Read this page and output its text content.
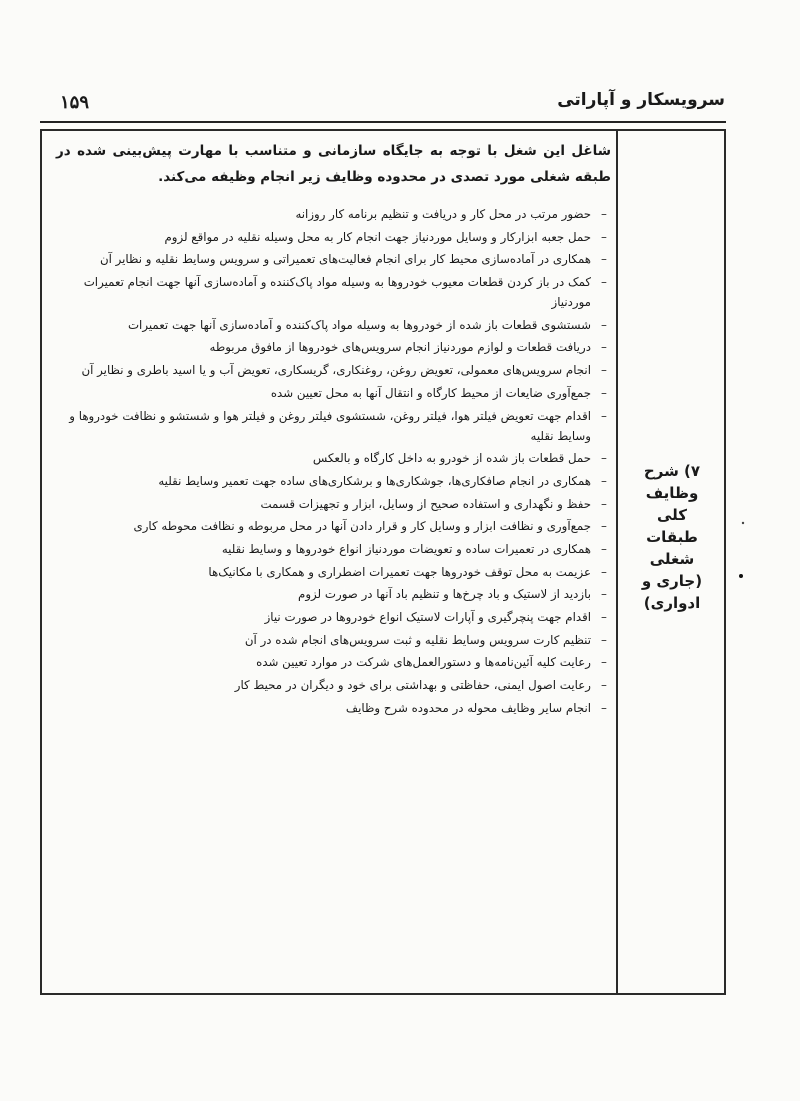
۱۵۹	سرویسکار و آپاراتی
۷) شرح
وظایف
کلی
طبقات
شغلی
(جاری و
ادواری)

شاغل این شغل با توجه به جایگاه سازمانی و متناسب با مهارت پیش‌بینی شده در طبقه شغلی مورد تصدی در محدوده وظایف زیر انجام وظیفه می‌کند.

–
حضور مرتب در محل کار و دریافت و تنظیم برنامه کار روزانه
–
حمل جعبه ابزارکار و وسایل موردنیاز جهت انجام کار به محل وسیله نقلیه در مواقع لزوم
–
همکاری در آماده‌سازی محیط کار برای انجام فعالیت‌های تعمیراتی و سرویس وسایط نقلیه و نظایر آن
–
کمک در باز کردن قطعات معیوب خودروها به وسیله مواد پاک‌کننده و آماده‌سازی آنها جهت انجام تعمیرات موردنیاز
–
شستشوی قطعات باز شده از خودروها به وسیله مواد پاک‌کننده و آماده‌سازی آنها جهت تعمیرات
–
دریافت قطعات و لوازم موردنیاز انجام سرویس‌های خودروها از مافوق مربوطه
–
انجام سرویس‌های معمولی، تعویض روغن، روغنکاری، گریسکاری، تعویض آب و یا اسید باطری و نظایر آن
–
جمع‌آوری ضایعات از محیط کارگاه و انتقال آنها به محل تعیین شده
–
اقدام جهت تعویض فیلتر هوا، فیلتر روغن، شستشوی فیلتر روغن و فیلتر هوا و شستشو و نظافت خودروها و وسایط نقلیه
–
حمل قطعات باز شده از خودرو به داخل کارگاه و بالعکس
–
همکاری در انجام صافکاری‌ها، جوشکاری‌ها و برشکاری‌های ساده جهت تعمیر وسایط نقلیه
–
حفظ و نگهداری و استفاده صحیح از وسایل، ابزار و تجهیزات قسمت
–
جمع‌آوری و نظافت ابزار و وسایل کار و قرار دادن آنها در محل مربوطه و نظافت محوطه کاری
–
همکاری در تعمیرات ساده و تعویضات موردنیاز انواع خودروها و وسایط نقلیه
–
عزیمت به محل توقف خودروها جهت تعمیرات اضطراری و همکاری با مکانیک‌ها
–
بازدید از لاستیک و باد چرخ‌ها و تنظیم باد آنها در صورت لزوم
–
اقدام جهت پنچرگیری و آپارات لاستیک انواع خودروها در صورت نیاز
–
تنظیم کارت سرویس وسایط نقلیه و ثبت سرویس‌های انجام شده در آن
–
رعایت کلیه آئین‌نامه‌ها و دستورالعمل‌های شرکت در موارد تعیین شده
–
رعایت اصول ایمنی، حفاظتی و بهداشتی برای خود و دیگران در محیط کار
–
انجام سایر وظایف محوله در محدوده شرح وظایف
